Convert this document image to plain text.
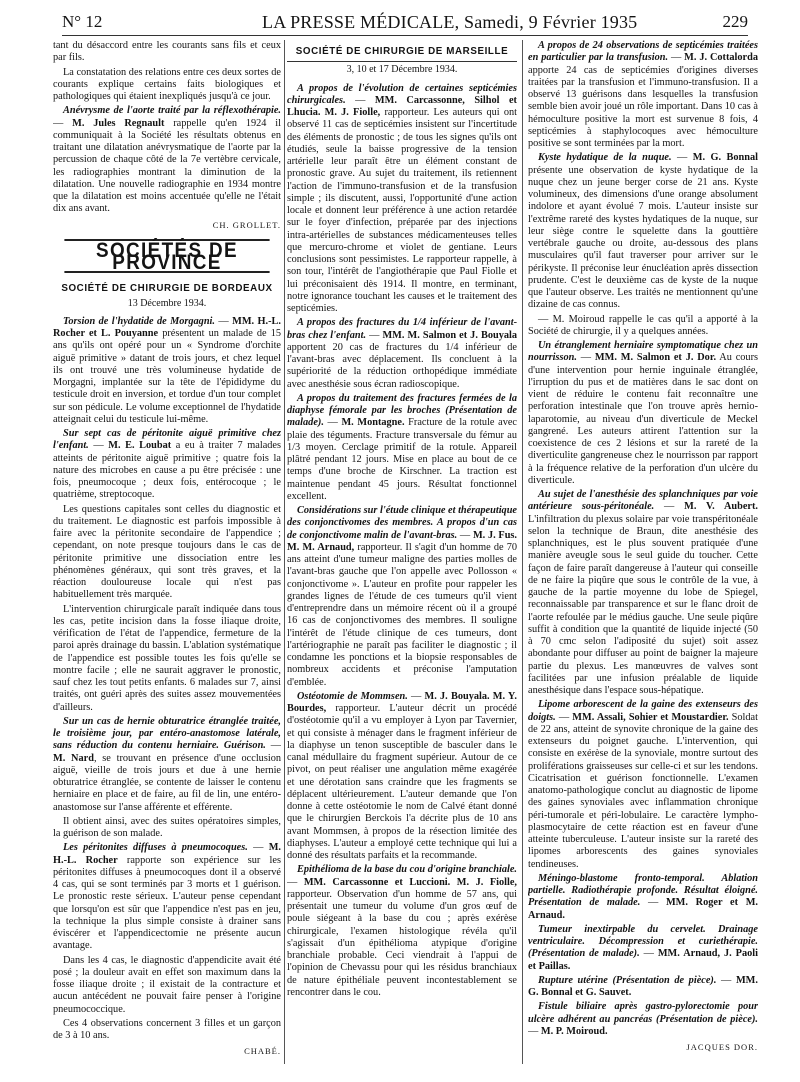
N° 12	LA PRESSE MÉDICALE, Samedi, 9 Février 1935	229

tant du désaccord entre les courants sans fils et ceux par fils.

La constatation des relations entre ces deux sortes de courants explique certains faits biologiques et pathologiques qui étaient inexpliqués jusqu'à ce jour.

Anévrysme de l'aorte traité par la réflexothérapie. — M. Jules Regnault rappelle qu'en 1924 il communiquait à la Société les résultats obtenus en traitant une dilatation anévrysmatique de l'aorte par la percussion de chaque côté de la 7e vertèbre cervicale, les radiographies montrant la diminution de la dilatation. Une nouvelle radiographie en 1934 montre que la dilatation est moins accentuée qu'elle ne l'était dix ans avant.

CH. GROLLET.

SOCIÉTÉS DE PROVINCE

SOCIÉTÉ DE CHIRURGIE DE BORDEAUX

13 Décembre 1934.

Torsion de l'hydatide de Morgagni. — MM. H.-L. Rocher et L. Pouyanne présentent un malade de 15 ans qu'ils ont opéré pour un « Syndrome d'orchite aiguë primitive » datant de trois jours, et chez lequel ils ont trouvé une très volumineuse hydatide de Morgagni, implantée sur la tête de l'épididyme du testicule droit en inversion, et tordue d'un tour complet sur son pédicule. Le volume exceptionnel de l'hydatide atteignait celui du testicule lui-même.

Sur sept cas de péritonite aiguë primitive chez l'enfant. — M. E. Loubat a eu à traiter 7 malades atteints de péritonite aiguë primitive ; quatre fois la nature des microbes en cause a pu être précisée : une fois, pneumocoque ; deux fois, entérocoque ; le quatrième, streptocoque.

Les questions capitales sont celles du diagnostic et du traitement. Le diagnostic est parfois impossible à faire avec la péritonite secondaire de l'appendice ; cependant, on note presque toujours dans le cas de péritonite primitive une dissociation entre les phénomènes généraux, qui sont très graves, et la réaction douloureuse locale qui n'est pas habituellement très marquée.

L'intervention chirurgicale paraît indiquée dans tous les cas, petite incision dans la fosse iliaque droite, vérification de l'état de l'appendice, fermeture de la paroi après drainage du bassin. L'ablation systématique de l'appendice est possible toutes les fois qu'elle se montre facile ; elle ne saurait aggraver le pronostic, sauf chez les tout petits enfants. 6 malades sur 7, ainsi traités, ont guéri après des suites assez mouvementées d'ailleurs.

Sur un cas de hernie obturatrice étranglée traitée, le troisième jour, par entéro-anastomose latérale, sans réduction du contenu herniaire. Guérison. — M. Nard, se trouvant en présence d'une occlusion aiguë, vieille de trois jours et due à une hernie obturatrice étranglée, se contente de laisser le contenu herniaire en place et de faire, au fil de lin, une entéro-anastomose sur l'anse afférente et efférente.

Il obtient ainsi, avec des suites opératoires simples, la guérison de son malade.

Les péritonites diffuses à pneumocoques. — M. H.-L. Rocher rapporte son expérience sur les péritonites diffuses à pneumocoques dont il a observé 4 cas, qui se sont terminés par 3 morts et 1 guérison. Le pronostic reste sérieux. L'auteur pense cependant que lorsqu'on est sûr que l'appendice n'est pas en jeu, la technique la plus simple consiste à drainer sans éviscérer et l'appendicectomie ne présente aucun avantage.

Dans les 4 cas, le diagnostic d'appendicite avait été posé ; la douleur avait en effet son maximum dans la fosse iliaque droite ; il existait de la contracture et aucun antécédent ne pouvait faire penser à l'origine pneumococcique.

Ces 4 observations concernent 3 filles et un garçon de 3 à 10 ans.

CHABÉ.

SOCIÉTÉ DE CHIRURGIE DE MARSEILLE

3, 10 et 17 Décembre 1934.

A propos de l'évolution de certaines septicémies chirurgicales. — MM. Carcassonne, Silhol et Lhucia. M. J. Fiolle, rapporteur. Les auteurs qui ont observé 11 cas de septicémies insistent sur l'incertitude des éléments de pronostic ; de tous les signes qu'ils ont étudiés, seule la baisse progressive de la tension artérielle leur paraît être un élément constant de pronostic grave. Au sujet du traitement, ils retiennent l'action de l'immuno-transfusion et de la transfusion simple ; ils discutent, aussi, l'opportunité d'une action locale et donnent leur préférence à une action retardée sur le foyer d'infection, préparée par des injections intra-artérielles de substances médicamenteuses telles que mercuro-chrome et violet de gentiane. Leurs conclusions sont pessimistes. Le rapporteur rappelle, à son tour, l'intérêt de l'angiothérapie que Paul Fiolle et lui préconisaient dès 1914. Il montre, en terminant, notre ignorance touchant les causes et le traitement des septicémies.

A propos des fractures du 1/4 inférieur de l'avant-bras chez l'enfant. — MM. M. Salmon et J. Bouyala apportent 20 cas de fractures du 1/4 inférieur de l'avant-bras avec déplacement. Ils concluent à la supériorité de la réduction orthopédique immédiate avec anesthésie sous écran radioscopique.

A propos du traitement des fractures fermées de la diaphyse fémorale par les broches (Présentation de malade). — M. Montagne. Fracture de la rotule avec plaie des téguments. Fracture transversale du fémur au 1/3 moyen. Cerclage primitif de la rotule. Appareil plâtré pendant 12 jours. Mise en place au bout de ce temps d'une broche de Kirschner. La traction est maintenue pendant 45 jours. Résultat fonctionnel excellent.

Considérations sur l'étude clinique et thérapeutique des conjonctivomes des membres. A propos d'un cas de conjonctivome malin de l'avant-bras. — M. J. Fus. M. M. Arnaud, rapporteur. Il s'agit d'un homme de 70 ans atteint d'une tumeur maligne des parties molles de l'avant-bras gauche que l'on appelle avec Pollosson « conjonctivome ». L'auteur en profite pour rappeler les grandes lignes de l'étude de ces tumeurs qu'il vient d'entreprendre dans un mémoire récent où il a groupé 16 cas de conjonctivomes des membres. Il souligne l'intérêt de l'étude clinique de ces tumeurs, dont l'artériographie ne paraît pas faciliter le diagnostic ; il condamne les ponctions et la biopsie responsables de nombreux accidents et préconise l'amputation d'emblée.

Ostéotomie de Mommsen. — M. J. Bouyala. M. Y. Bourdes, rapporteur. L'auteur décrit un procédé d'ostéotomie qu'il a vu employer à Lyon par Tavernier, et qui consiste à ménager dans le fragment inférieur de la diaphyse un tenon susceptible de basculer dans le canal médullaire du fragment supérieur. Autour de ce pivot, on peut réaliser une angulation même exagérée et une dérotation sans craindre que les fragments se déplacent ultérieurement. L'auteur demande que l'on donne à cette ostéotomie le nom de Calvé étant donné que le chirurgien Berckois l'a décrite plus de 10 ans avant Mommsen, à propos de la résection limitée des diaphyses. L'auteur a employé cette technique qui lui a donné des résultats parfaits et la recommande.

Epithélioma de la base du cou d'origine branchiale. — MM. Carcassonne et Luccioni. M. J. Fiolle, rapporteur. Observation d'un homme de 57 ans, qui présentait une tumeur du volume d'un gros œuf de poule siégeant à la base du cou ; après exérèse chirurgicale, l'examen histologique révéla qu'il s'agissait d'un épithélioma atypique d'origine branchiale probable. Ceci viendrait à l'appui de l'opinion de Chevassu pour qui les résidus branchiaux de nature épithéliale peuvent incontestablement se rencontrer dans le cou.

A propos de 24 observations de septicémies traitées en particulier par la transfusion. — M. J. Cottalorda apporte 24 cas de septicémies d'origines diverses traitées par la transfusion et l'immuno-transfusion. Il a observé 13 guérisons dans lesquelles la transfusion semble bien avoir joué un rôle important. Dans 10 cas à hémoculture positive la mort est survenue 8 fois, 4 septicémies à staphylocoques avec hémoculture positive se sont terminées par la mort.

Kyste hydatique de la nuque. — M. G. Bonnal présente une observation de kyste hydatique de la nuque chez un jeune berger corse de 21 ans. Kyste volumineux, des dimensions d'une orange absolument indolore et ayant évolué 7 mois. L'auteur insiste sur l'extrême rareté des kystes hydatiques de la nuque, sur leur siège contre le squelette dans la gouttière vertébrale gauche ou droite, au-dessous des plans musculaires qu'il faut traverser pour arriver sur le périkyste. Il préconise leur énucléation après dissection prudente. C'est le deuxième cas de kyste de la nuque que l'auteur observe. Les traités ne mentionnent qu'une dizaine de cas connus.

— M. Moiroud rappelle le cas qu'il a apporté à la Société de chirurgie, il y a quelques années.

Un étranglement herniaire symptomatique chez un nourrisson. — MM. M. Salmon et J. Dor. Au cours d'une intervention pour hernie inguinale étranglée, l'irruption du pus et de matières dans le sac dont on vient de réduire le contenu fait reconnaître une perforation intestinale que l'on trouve après hernio-laparotomie, au niveau d'un diverticule de Meckel gangrené. Les auteurs attirent l'attention sur la coexistence de ces 2 lésions et sur la rareté de la diverticulite gangreneuse chez le nourrisson par rapport à la fréquence relative de la perforation d'un ulcère du diverticule.

Au sujet de l'anesthésie des splanchniques par voie antérieure sous-péritonéale. — M. V. Aubert. L'infiltration du plexus solaire par voie transpéritonéale selon la technique de Braun, dite anesthésie des splanchniques, est le plus souvent pratiquée d'une manière aveugle sous le seul guide du toucher. Cette façon de faire paraît dangereuse à l'auteur qui conseille de ne faire la piqûre que sous le contrôle de la vue, à gauche de la partie moyenne du lobe de Spiegel, reconnaissable par transparence et sur le flanc droit de l'aorte refoulée par le médius gauche. Une seule piqûre suffit à condition que la quantité de liquide injecté (50 à 70 cmc selon l'adiposité du sujet) soit assez abondante pour diffuser au point de baigner la majeure partie du plexus. Les manœuvres de valves sont facilitées par une infusion préalable de liquide anesthésique dans l'espace sous-hépatique.

Lipome arborescent de la gaine des extenseurs des doigts. — MM. Assali, Sohier et Moustardier. Soldat de 22 ans, atteint de synovite chronique de la gaine des extenseurs du poignet gauche. L'intervention, qui consiste en exérèse de la synoviale, montre surtout des proliférations graisseuses sur celle-ci et sur les tendons. Cicatrisation et guérison fonctionnelle. L'examen anatomo-pathologique conclut au diagnostic de lipome des gaines synoviales avec inflammation chronique péri-tumorale et péri-lobulaire. Le caractère lympho-plasmocytaire de cette réaction est en faveur d'une atteinte tuberculeuse. L'auteur insiste sur la rareté des lipomes arborescents des gaines synoviales tendineuses.

Méningo-blastome fronto-temporal. Ablation partielle. Radiothérapie profonde. Résultat éloigné. Présentation de malade. — MM. Roger et M. Arnaud.

Tumeur inextirpable du cervelet. Drainage ventriculaire. Décompression et curiethérapie. (Présentation de malade). — MM. Arnaud, J. Paoli et Paillas.

Rupture utérine (Présentation de pièce). — MM. G. Bonnal et G. Sauvet.

Fistule biliaire après gastro-pylorectomie pour ulcère adhérent au pancréas (Présentation de pièce). — M. P. Moiroud.

JACQUES DOR.
